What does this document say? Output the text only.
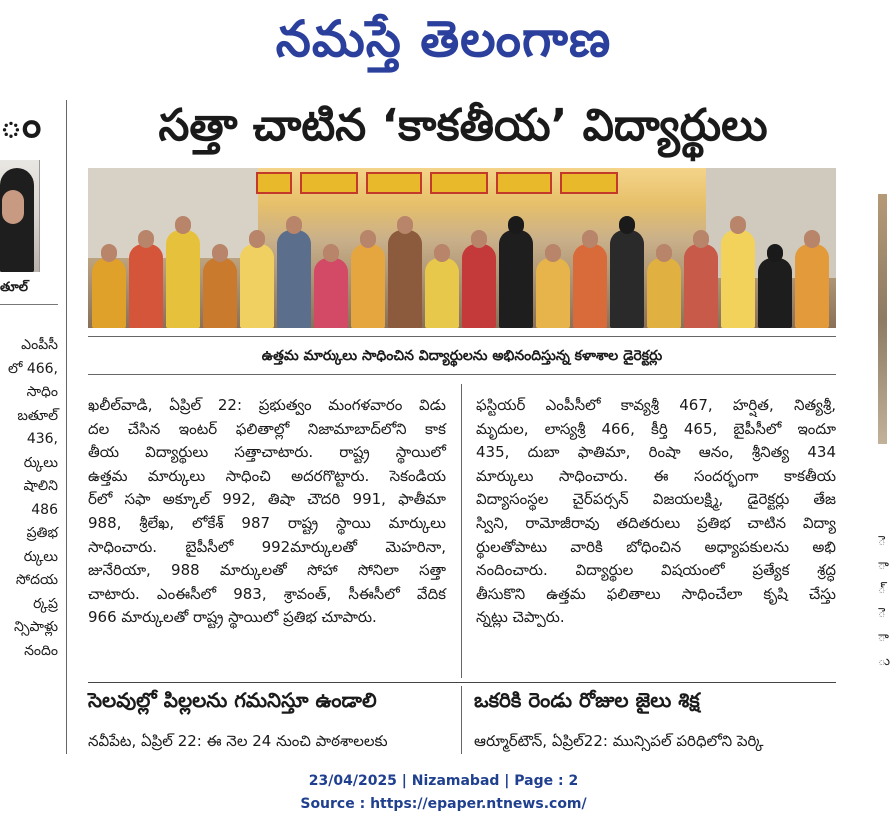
నమస్తే తెలంగాణ
ం
తూల్
ఎంపీసీ
లో 466,
సాధిం
బతూల్
436,
ర్కులు
షాలిని
486
ప్రతిభ
ర్కులు
సోదయ
ర్కప్ర
న్సిపాళ్లు
నందిం
సత్తా చాటిన ‘కాకతీయ’ విద్యార్థులు
ఉత్తమ మార్కులు సాధించిన విద్యార్థులను అభినందిస్తున్న కళాశాల డైరెక్టర్లు
ఖలీల్‌వాడి, ఏప్రిల్ 22: ప్రభుత్వం మంగళవారం విడు
దల చేసిన ఇంటర్ ఫలితాల్లో నిజామాబాద్‌లోని కాక
తీయ విద్యార్థులు సత్తాచాటారు. రాష్ట్ర స్థాయిలో
ఉత్తమ మార్కులు సాధించి అదరగొట్టారు. సెకండియ
ర్‌లో సఫా అక్కూల్ 992, తిషా చౌదరి 991, ఫాతీమా
988, శ్రీలేఖ, లోకేశ్ 987 రాష్ట్ర స్థాయి మార్కులు
సాధించారు. బైపీసీలో 992మార్కులతో మెహరినా,
జునేరియా, 988 మార్కులతో సోహా సోనిలా సత్తా
చాటారు. ఎంఈసీలో 983, శ్రావంత్, సీఈసీలో వేదిక
966 మార్కులతో రాష్ట్ర స్థాయిలో ప్రతిభ చూపారు.
ఫస్టియర్ ఎంపీసీలో కావ్యశ్రీ 467, హర్షిత, నిత్యశ్రీ,
మృదుల, లాస్యశ్రీ 466, కీర్తి 465, బైపీసీలో ఇందూ
435, దుబా ఫాతిమా, రింషా ఆనం, శ్రీనిత్య 434
మార్కులు సాధించారు. ఈ సందర్భంగా కాకతీయ
విద్యాసంస్థల చైర్‌పర్సన్ విజయలక్ష్మి, డైరెక్టర్లు తేజ
స్విని, రామోజీరావు తదితరులు ప్రతిభ చాటిన విద్యా
ర్థులతోపాటు వారికి బోధించిన అధ్యాపకులను అభి
నందించారు. విద్యార్థుల విషయంలో ప్రత్యేక శ్రద్ధ
తీసుకొని ఉత్తమ ఫలితాలు సాధించేలా కృషి చేస్తు
న్నట్లు చెప్పారు.
సెలవుల్లో పిల్లలను గమనిస్తూ ఉండాలి
నవీపేట, ఏప్రిల్ 22: ఈ నెల 24 నుంచి పాఠశాలలకు
ఒకరికి రెండు రోజుల జైలు శిక్ష
ఆర్మూర్‌టౌన్, ఏప్రిల్22: మున్సిపల్ పరిధిలోని పెర్కి
ె
ా
్
ె
ా
ు
23/04/2025 | Nizamabad | Page : 2
Source : https://epaper.ntnews.com/
